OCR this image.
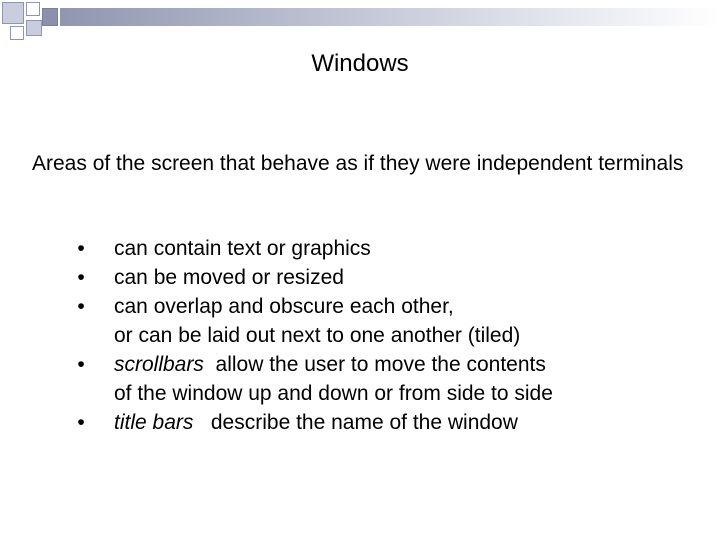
Windows
Areas of the screen that behave as if they were independent terminals
• can contain text or graphics
• can be moved or resized
• can overlap and obscure each other,
or can be laid out next to one another (tiled)
• scrollbars  allow the user to move the contents
of the window up and down or from side to side
• title bars   describe the name of the window
